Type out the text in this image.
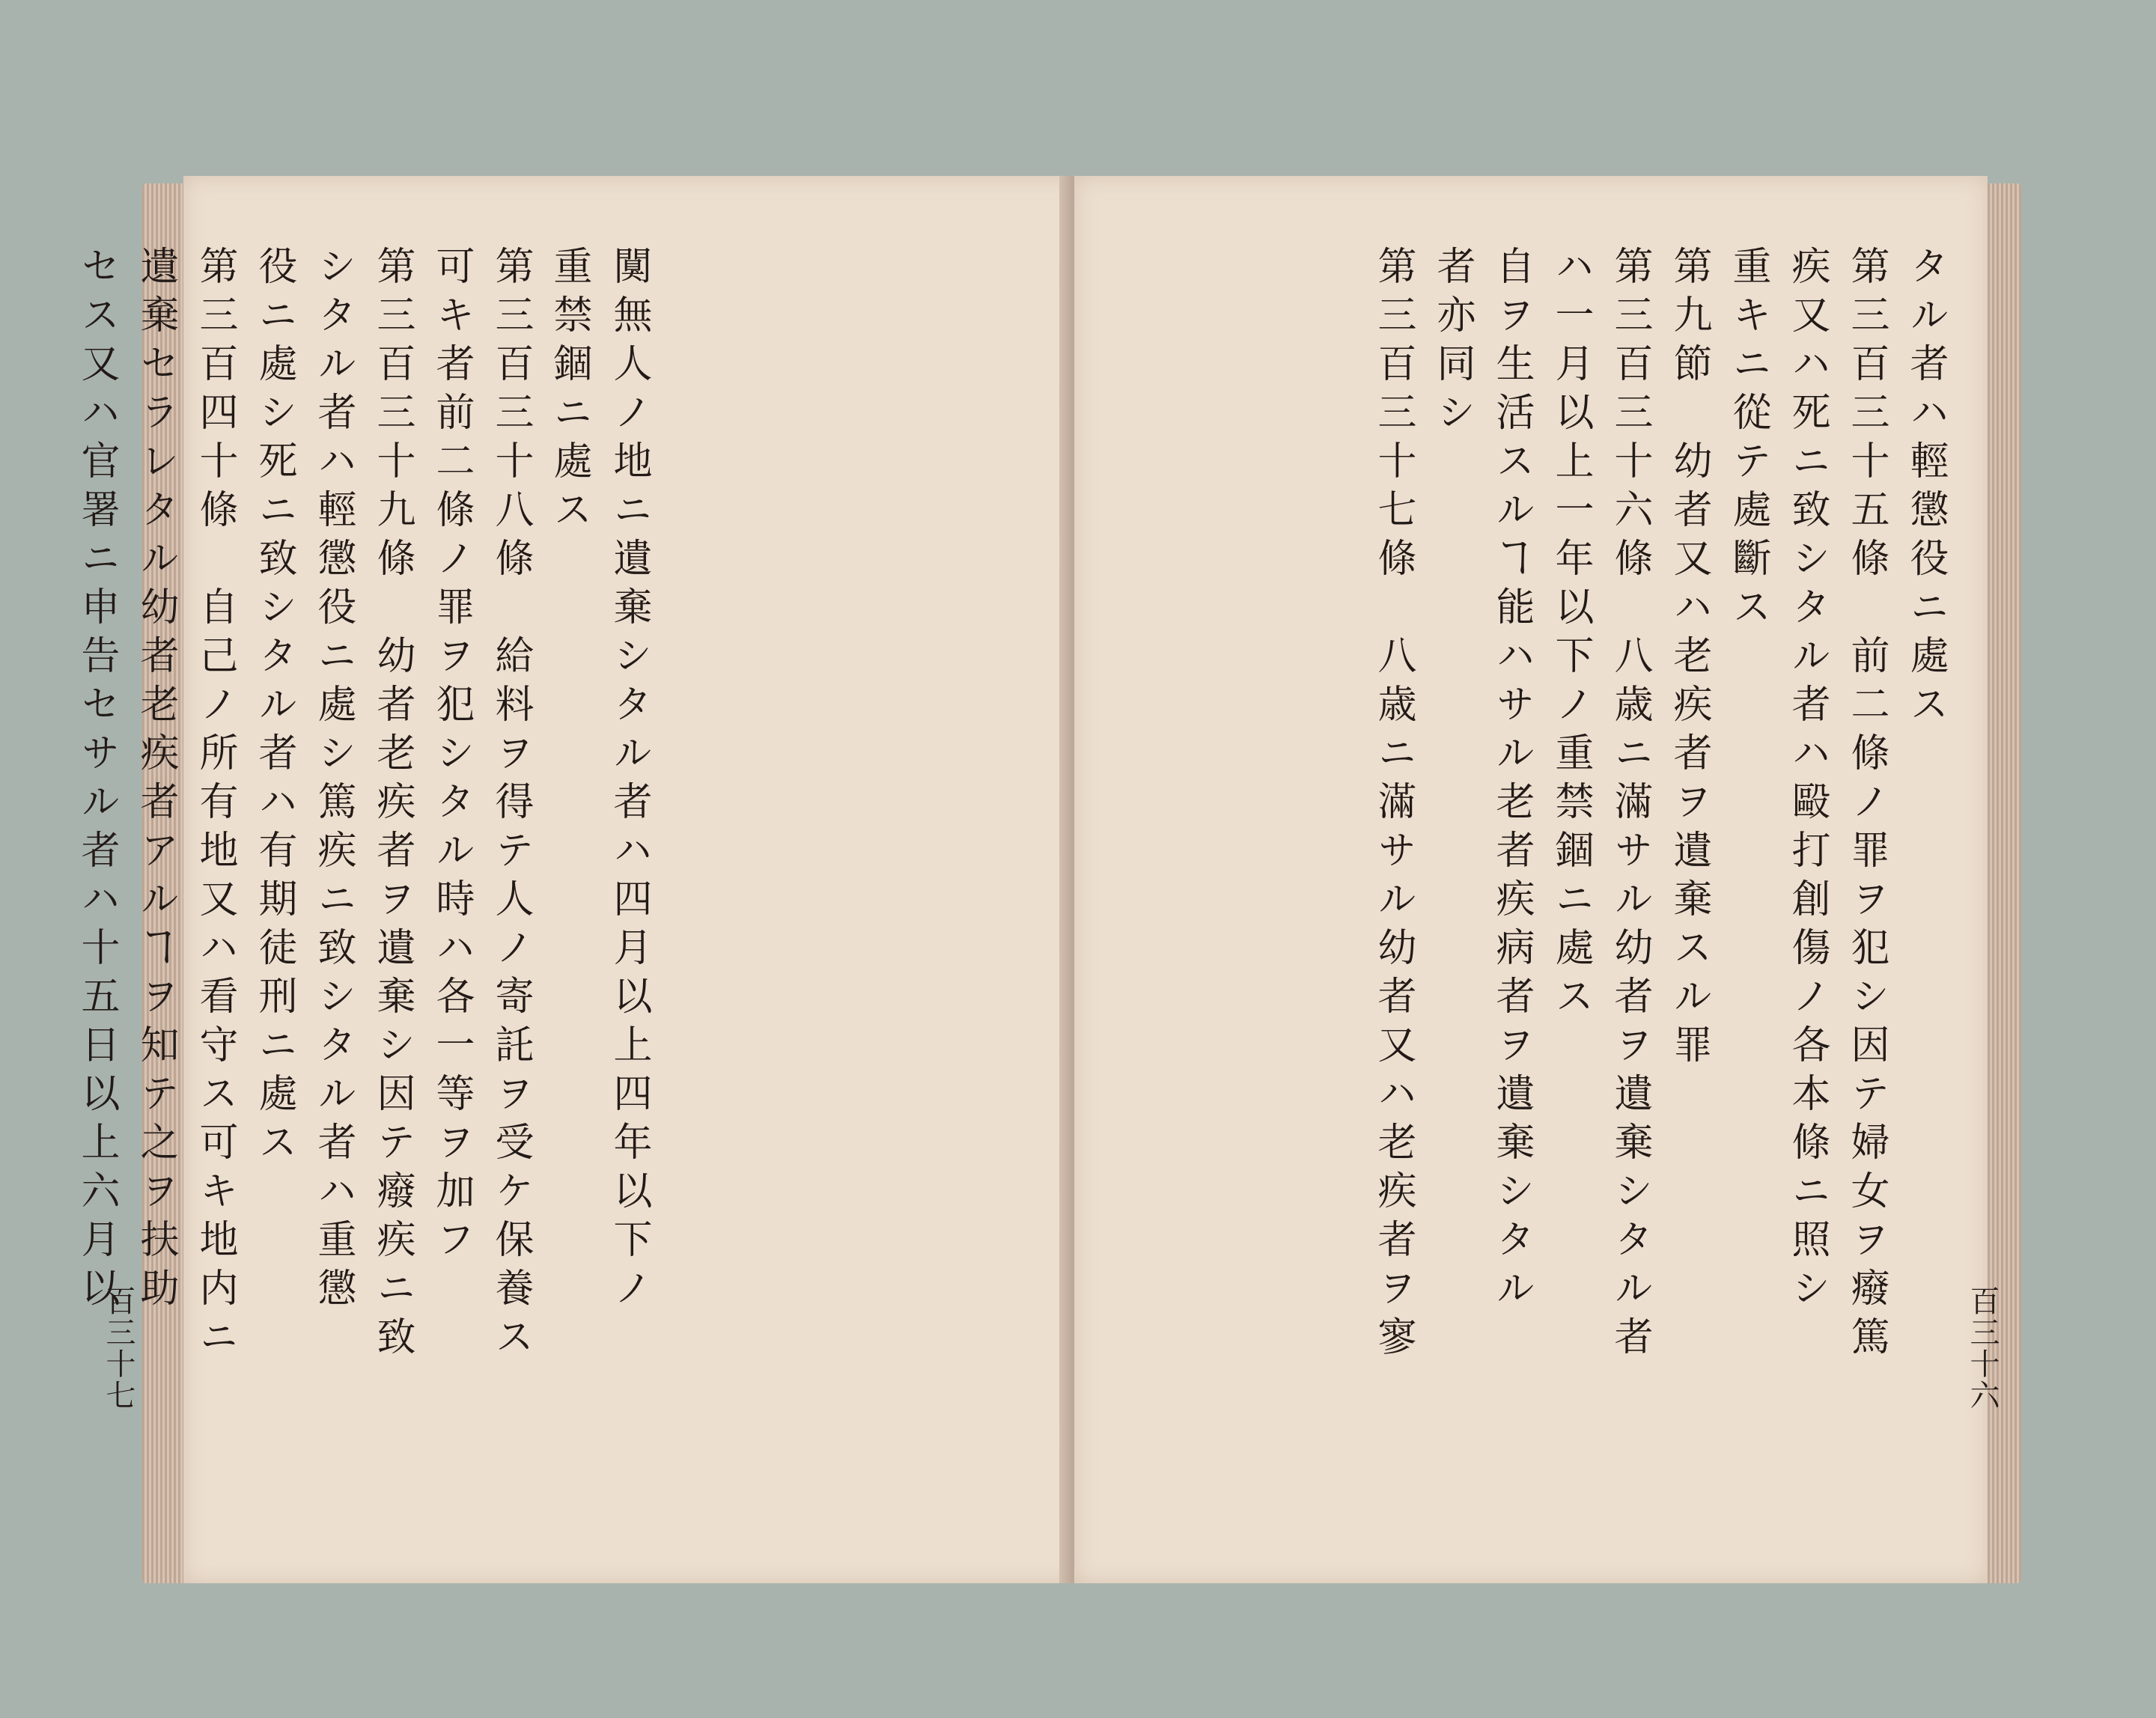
闃無人ノ地ニ遺棄シタル者ハ四月以上四年以下ノ
重禁錮ニ處ス
第三百三十八條　給料ヲ得テ人ノ寄託ヲ受ケ保養ス
可キ者前二條ノ罪ヲ犯シタル時ハ各一等ヲ加フ
第三百三十九條　幼者老疾者ヲ遺棄シ因テ癈疾ニ致
シタル者ハ輕懲役ニ處シ篤疾ニ致シタル者ハ重懲
役ニ處シ死ニ致シタル者ハ有期徒刑ニ處ス
第三百四十條　自己ノ所有地又ハ看守ス可キ地内ニ
遺棄セラレタル幼者老疾者アルヿヲ知テ之ヲ扶助
セス又ハ官署ニ申告セサル者ハ十五日以上六月以
百三十七
タル者ハ輕懲役ニ處ス
第三百三十五條　前二條ノ罪ヲ犯シ因テ婦女ヲ癈篤
疾又ハ死ニ致シタル者ハ毆打創傷ノ各本條ニ照シ
重キニ從テ處斷ス
第九節　幼者又ハ老疾者ヲ遺棄スル罪
第三百三十六條　八歳ニ滿サル幼者ヲ遺棄シタル者
ハ一月以上一年以下ノ重禁錮ニ處ス
自ヲ生活スルヿ能ハサル老者疾病者ヲ遺棄シタル
者亦同シ
第三百三十七條　八歳ニ滿サル幼者又ハ老疾者ヲ寥	百三十六
